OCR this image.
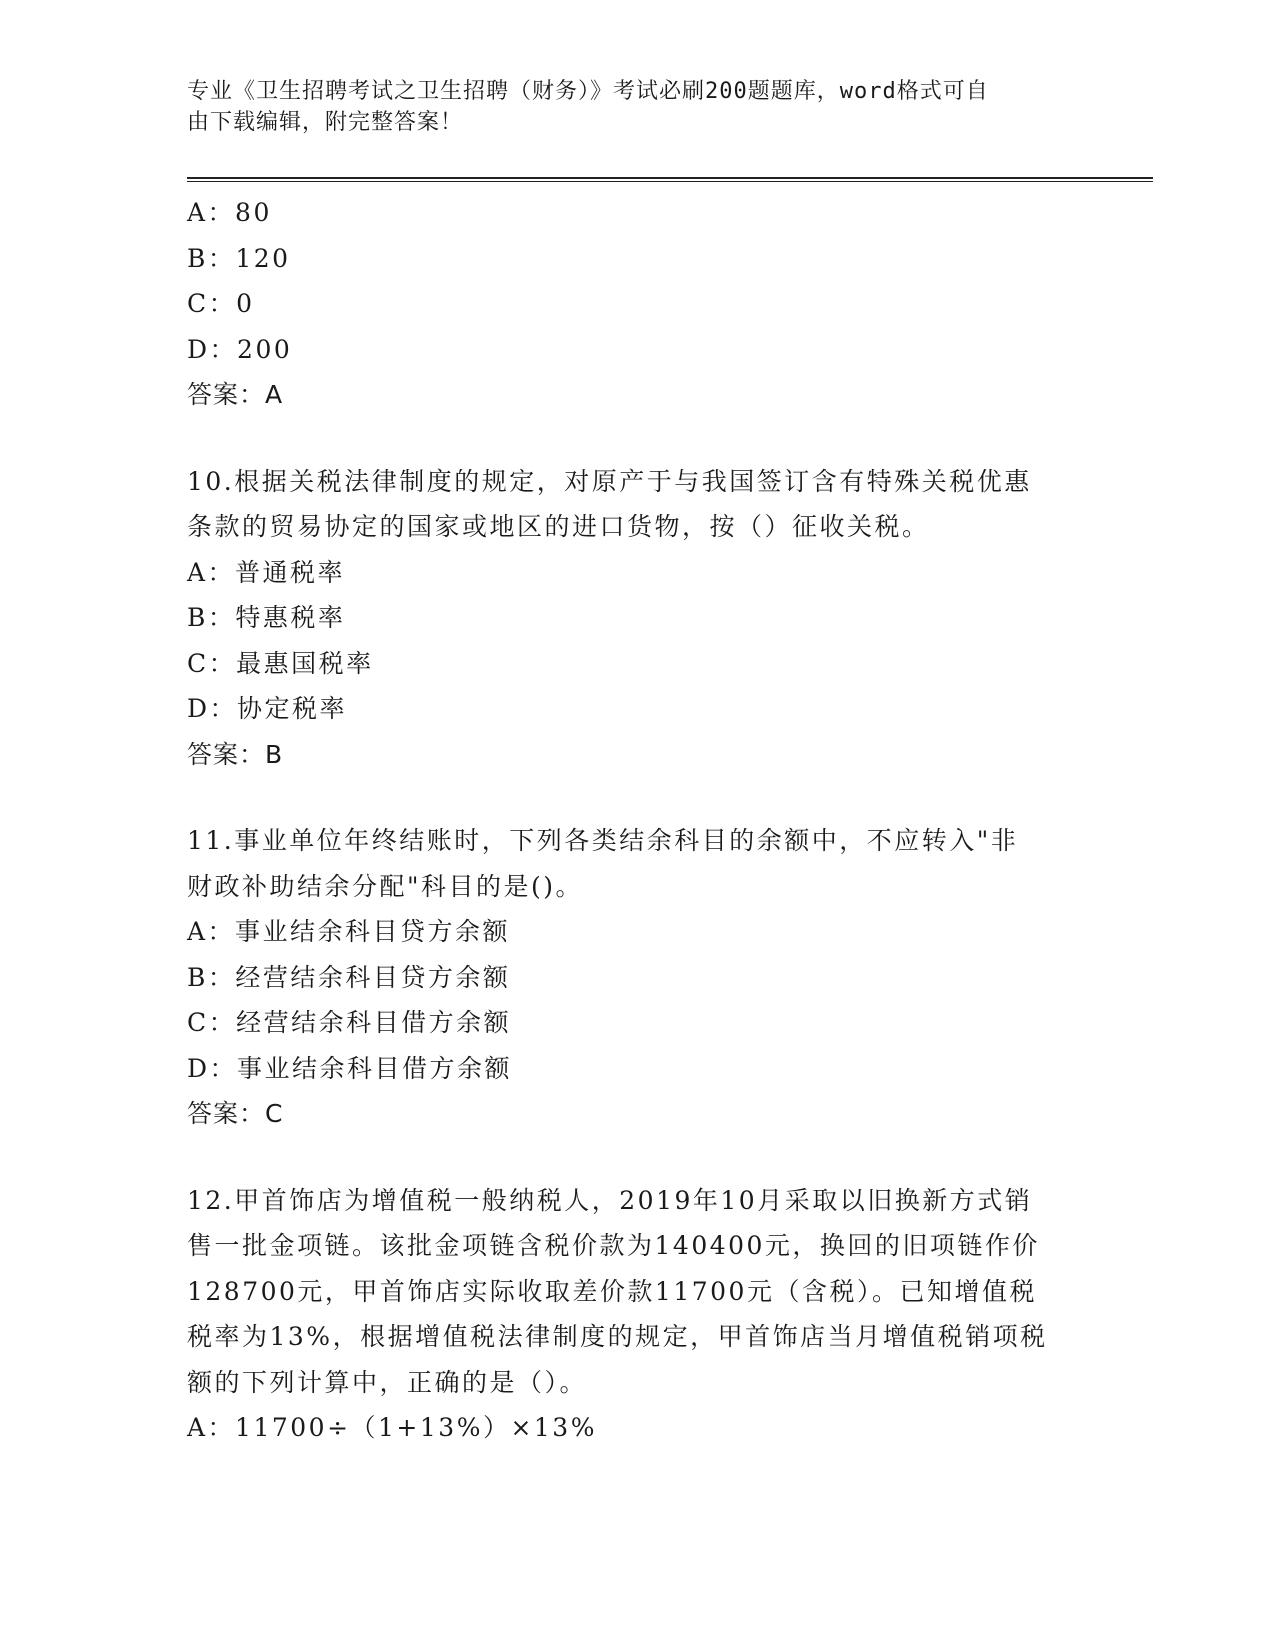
专业《卫生招聘考试之卫生招聘（财务）》考试必刷200题题库，word格式可自
由下载编辑，附完整答案！
A：80
B：120
C：0
D：200
答案：A
10.根据关税法律制度的规定，对原产于与我国签订含有特殊关税优惠
条款的贸易协定的国家或地区的进口货物，按（）征收关税。
A：普通税率
B：特惠税率
C：最惠国税率
D：协定税率
答案：B
11.事业单位年终结账时，下列各类结余科目的余额中，不应转入"非
财政补助结余分配"科目的是()。
A：事业结余科目贷方余额
B：经营结余科目贷方余额
C：经营结余科目借方余额
D：事业结余科目借方余额
答案：C
12.甲首饰店为增值税一般纳税人，2019年10月采取以旧换新方式销
售一批金项链。该批金项链含税价款为140400元，换回的旧项链作价
128700元，甲首饰店实际收取差价款11700元（含税）。已知增值税
税率为13%，根据增值税法律制度的规定，甲首饰店当月增值税销项税
额的下列计算中，正确的是（）。
A：11700÷（1+13%）×13%
